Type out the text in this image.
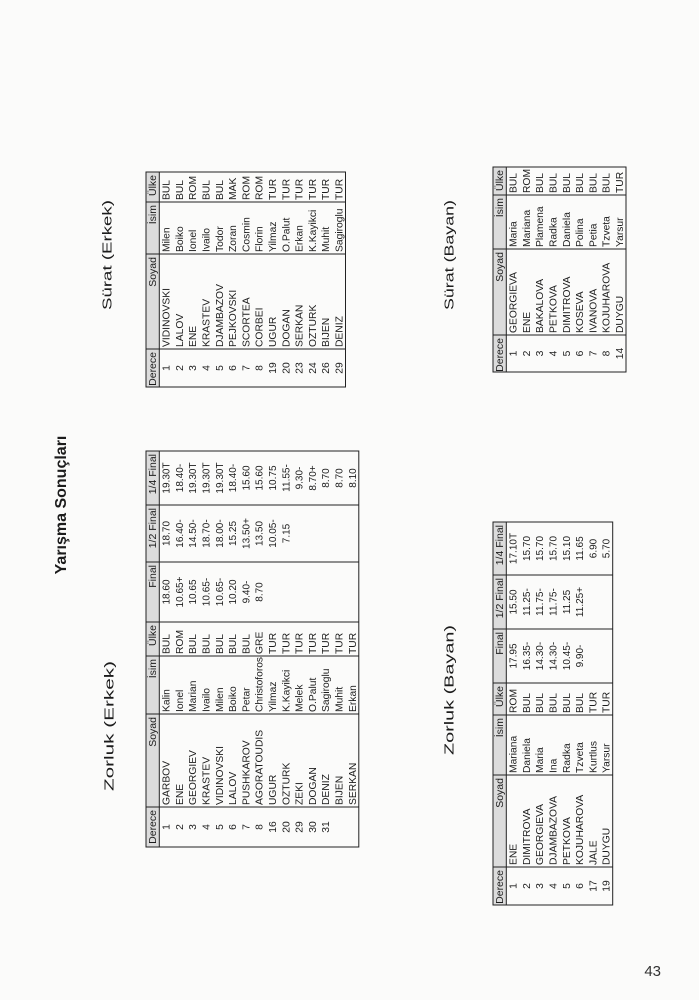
Yarışma Sonuçları
Zorluk (Erkek)
Derece
Soyad
İsim
Ülke
Final
1/2 Final
1/4 Final
1
GARBOV
Kalin
BUL
18.60
18.70
19.30T
2
ENE
Ionel
ROM
10.65+
16.40-
18.40-
3
GEORGIEV
Marian
BUL
10.65
14.50-
19.30T
4
KRASTEV
Ivailo
BUL
10.65-
18.70-
19.30T
5
VIDINOVSKI
Milen
BUL
10.65-
18.00-
19.30T
6
LALOV
Boiko
BUL
10.20
15.25
18.40-
7
PUSHKAROV
Petar
BUL
9.40-
13.50+
15.60
8
AGORATOUDIS
Christoforos
GRE
8.70
13.50
15.60
16
UGUR
Yilmaz
TUR
10.05-
10.75
20
OZTURK
K.Kayikci
TUR
7.15
11.55-
29
ZEKI
Melek
TUR
9.30-
30
DOGAN
O.Palut
TUR
8.70+
31
DENIZ
Sagiroglu
TUR
8.70
BIJEN
Muhit
TUR
8.70
SERKAN
Erkan
TUR
8.10
Zorluk (Bayan)
Derece
Soyad
İsim
Ülke
Final
1/2 Final
1/4 Final
1
ENE
Mariana
ROM
17.95
15.50
17.10T
2
DIMITROVA
Daniela
BUL
16.35-
11.25-
15.70
3
GEORGIEVA
Maria
BUL
14.30-
11.75-
15.70
4
DJAMBAZOVA
Ina
BUL
14.30-
11.75-
15.70
5
PETKOVA
Radka
BUL
10.45-
11.25
15.10
6
KOJUHAROVA
Tzveta
BUL
9.90-
11.25+
11.65
17
JALE
Kurtlus
TUR
6.90
19
DUYGU
Yarsur
TUR
5.70
Sürat (Erkek)
Derece
Soyad
İsim
Ülke
1
VIDINOVSKI
Milen
BUL
2
LALOV
Boiko
BUL
3
ENE
Ionel
ROM
4
KRASTEV
Ivailo
BUL
5
DJAMBAZOV
Todor
BUL
6
PEJKOVSKI
Zoran
MAK
7
SCORTEA
Cosmin
ROM
8
CORBEI
Florin
ROM
19
UGUR
Yilmaz
TUR
20
DOGAN
O.Palut
TUR
23
SERKAN
Erkan
TUR
24
OZTURK
K.Kayikci
TUR
26
BIJEN
Muhit
TUR
29
DENIZ
Sagiroglu
TUR
Sürat (Bayan)
Derece
Soyad
İsim
Ülke
1
GEORGIEVA
Maria
BUL
2
ENE
Mariana
ROM
3
BAKALOVA
Plamena
BUL
4
PETKOVA
Radka
BUL
5
DIMITROVA
Daniela
BUL
6
KOSEVA
Polina
BUL
7
IVANOVA
Petia
BUL
8
KOJUHAROVA
Tzveta
BUL
14
DUYGU
Yarsur
TUR
43
